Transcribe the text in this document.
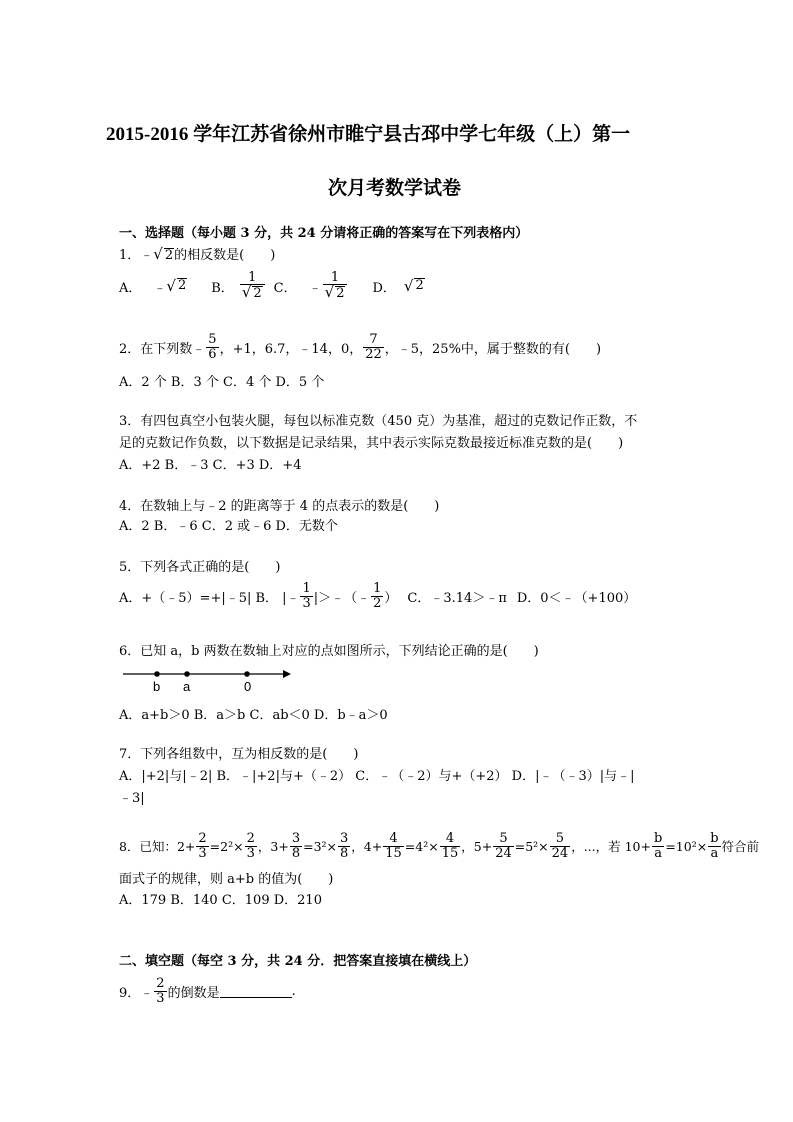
2015-2016 学年江苏省徐州市睢宁县古邳中学七年级（上）第一
次月考数学试卷
一、选择题（每小题 3 分，共 24 分请将正确的答案写在下列表格内）
1．﹣√ 2的相反数是(　　)
A． ﹣ √ 2 B． $\frac{1}{√ 2}$ C． ﹣ $\frac{1}{√ 2}$ D． √ 2
2．在下列数﹣ $\frac{5}{6}$ ，+1，6.7，﹣14，0， $\frac{7}{22}$ ，﹣5，25%中，属于整数的有(　　)
A．2 个 B．3 个 C．4 个 D．5 个
3．有四包真空小包装火腿，每包以标准克数（450 克）为基准，超过的克数记作正数，不
足的克数记作负数，以下数据是记录结果，其中表示实际克数最接近标准克数的是(　　)
A．+2 B．﹣3 C．+3 D．+4
4．在数轴上与﹣2 的距离等于 4 的点表示的数是(　　)
A．2 B．﹣6 C．2 或﹣6 D．无数个
5．下列各式正确的是(　　)
A．+（﹣5）=+|﹣5| B． |﹣ $\frac{1}{3}$ |＞﹣（﹣ $\frac{1}{2}$ ） C．﹣3.14＞﹣π D．0＜﹣（+100）
6．已知 a，b 两数在数轴上对应的点如图所示，下列结论正确的是(　　)
b a	0
A．a+b＞0 B．a＞b C．ab＜0 D．b﹣a＞0
7．下列各组数中，互为相反数的是(　　)
A．|+2|与|﹣2| B．﹣|+2|与+（﹣2） C．﹣（﹣2）与+（+2） D．|﹣（﹣3）|与﹣|
﹣3|
8．已知：$2+ \frac{2}{3} =2^2\times \frac{2}{3}$ ，$3+ \frac{3}{8} =3^2\times \frac{3}{8}$ ，$4+ \frac{4}{15} =4^2\times \frac{4}{15}$ ，$5+ \frac{5}{24} =5^2\times \frac{5}{24}$ ，...，若 $10+ \frac{b}{a} =10^2\times \frac{b}{a}$ 符合前
面式子的规律，则 a+b 的值为(　　)
A．179 B．140 C．109 D．210
二、填空题（每空 3 分，共 24 分．把答案直接填在横线上）
9．﹣ $\frac{2}{3}$ 的倒数是	.
